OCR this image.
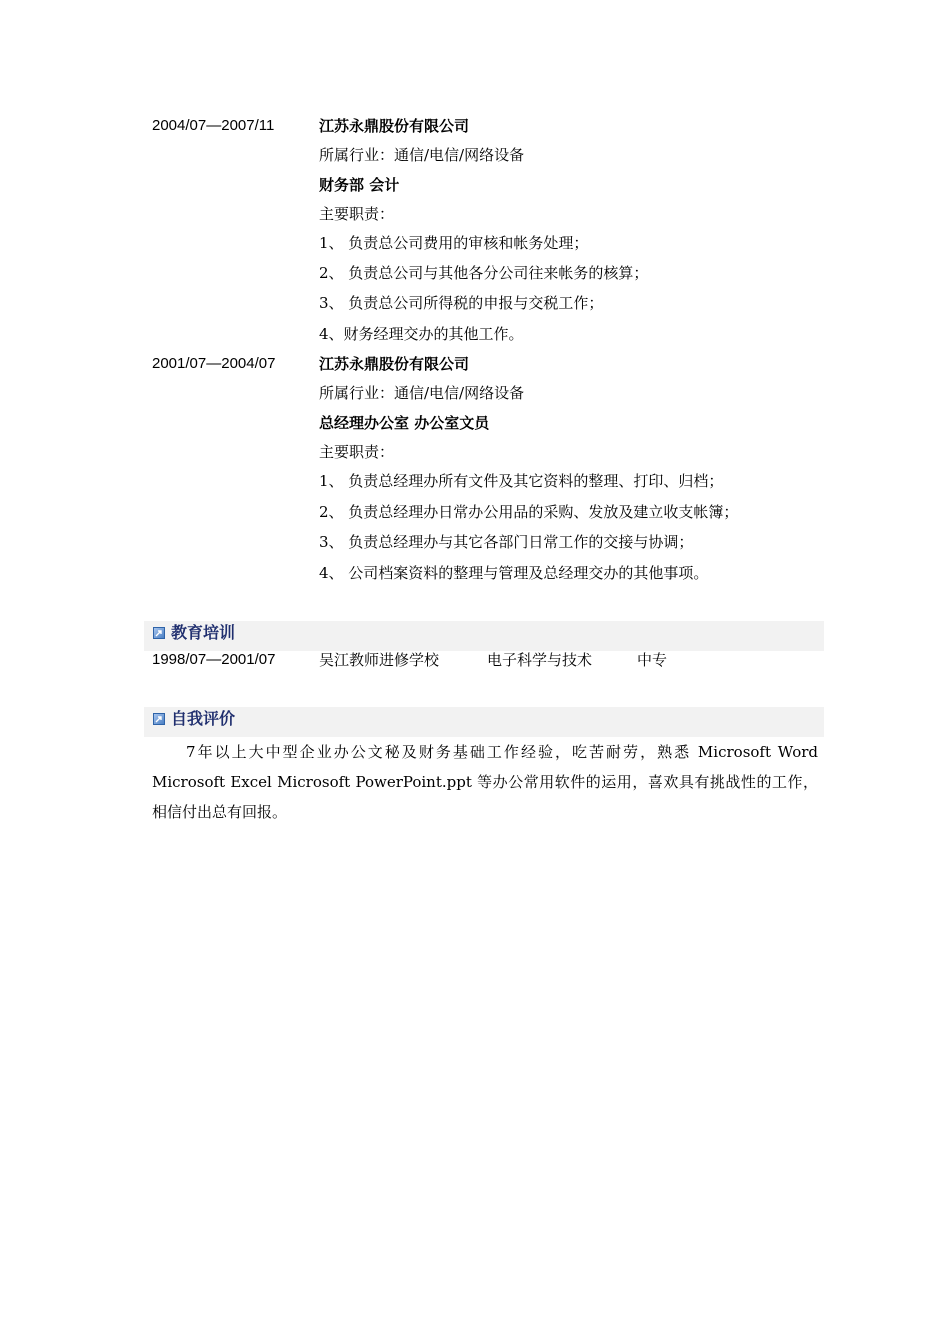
2004/07—2007/11	江苏永鼎股份有限公司
所属行业：通信/电信/网络设备
财务部 会计
主要职责：
1、 负责总公司费用的审核和帐务处理；
2、 负责总公司与其他各分公司往来帐务的核算；
3、 负责总公司所得税的申报与交税工作；
4、财务经理交办的其他工作。
2001/07—2004/07	江苏永鼎股份有限公司
所属行业：通信/电信/网络设备
总经理办公室 办公室文员
主要职责：
1、 负责总经理办所有文件及其它资料的整理、打印、归档；
2、 负责总经理办日常办公用品的采购、发放及建立收支帐簿；
3、 负责总经理办与其它各部门日常工作的交接与协调；
4、 公司档案资料的整理与管理及总经理交办的其他事项。
教育培训
1998/07—2001/07	吴江教师进修学校	电子科学与技术	中专
自我评价
7年以上大中型企业办公文秘及财务基础工作经验，吃苦耐劳，熟悉 Microsoft Word Microsoft Excel Microsoft PowerPoint.ppt 等办公常用软件的运用，喜欢具有挑战性的工作，相信付出总有回报。
